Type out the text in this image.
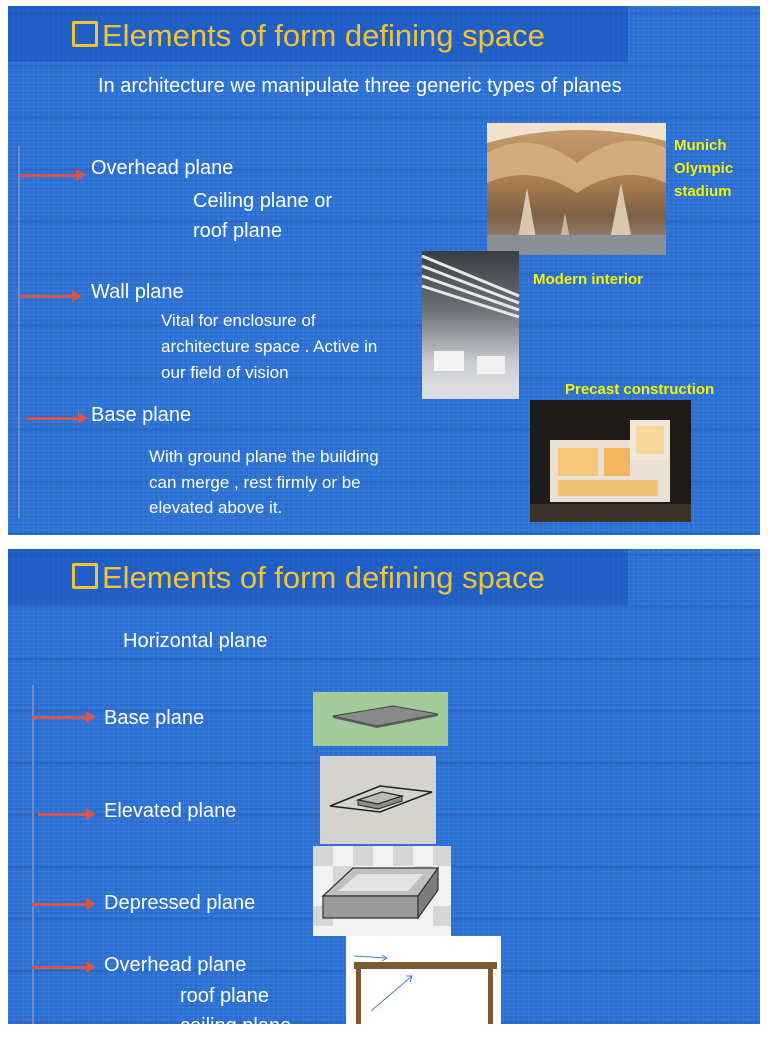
Elements of form defining space
In architecture we manipulate three generic types of planes
Overhead plane
Ceiling plane or
roof plane
Wall plane
Vital for enclosure of
architecture space . Active in
our field of vision
Base plane
With ground plane the building
can merge , rest firmly or be
elevated above it.
Munich
Olympic
stadium
Modern interior
Precast construction
Elements of form defining space
Horizontal plane
Base plane
Elevated plane
Depressed plane
Overhead plane
roof plane
ceiling plane
